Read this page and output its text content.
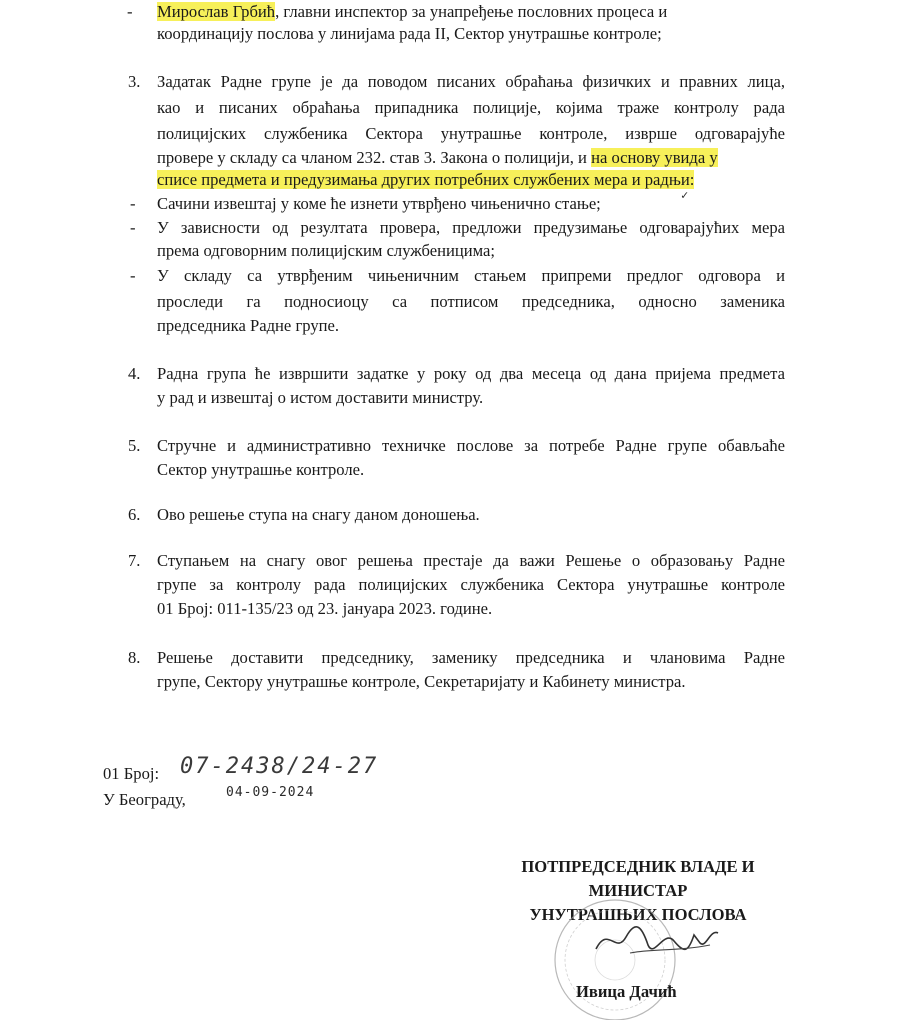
- Мирослав Грбић, главни инспектор за унапређење пословних процеса и
координацију послова у линијама рада II, Сектор унутрашње контроле;
3. Задатак Радне групе је да поводом писаних обраћања физичких и правних лица,
као и писаних обраћања припадника полиције, којима траже контролу рада
полицијских службеника Сектора унутрашње контроле, изврше одговарајуће
провере у складу са чланом 232. став 3. Закона о полицији, и на основу увида у
списе предмета и предузимања других потребних службених мера и радњи:
- Сачини извештај у коме ће изнети утврђено чињенично стање;	✓
- У зависности од резултата провера, предложи предузимање одговарајућих мера
према одговорним полицијским службеницима;
- У складу са утврђеним чињеничним стањем припреми предлог одговора и
проследи га подносиоцу са потписом председника, односно заменика
председника Радне групе.
4. Радна група ће извршити задатке у року од два месеца од дана пријема предмета
у рад и извештај о истом доставити министру.
5. Стручне и административно техничке послове за потребе Радне групе обављаће
Сектор унутрашње контроле.
6. Ово решење ступа на снагу даном доношења.
7. Ступањем на снагу овог решења престаје да важи Решење о образовању Радне
групе за контролу рада полицијских службеника Сектора унутрашње контроле
01 Број: 011-135/23 од 23. јануара 2023. године.
8. Решење доставити председнику, заменику председника и члановима Радне
групе, Сектору унутрашње контроле, Секретаријату и Кабинету министра.
01 Број: 07-2438/24-27
У Београду,	04-09-2024
ПОТПРЕДСЕДНИК ВЛАДЕ И
МИНИСТАР
УНУТРАШЊИХ ПОСЛОВА
Ивица Дачић
